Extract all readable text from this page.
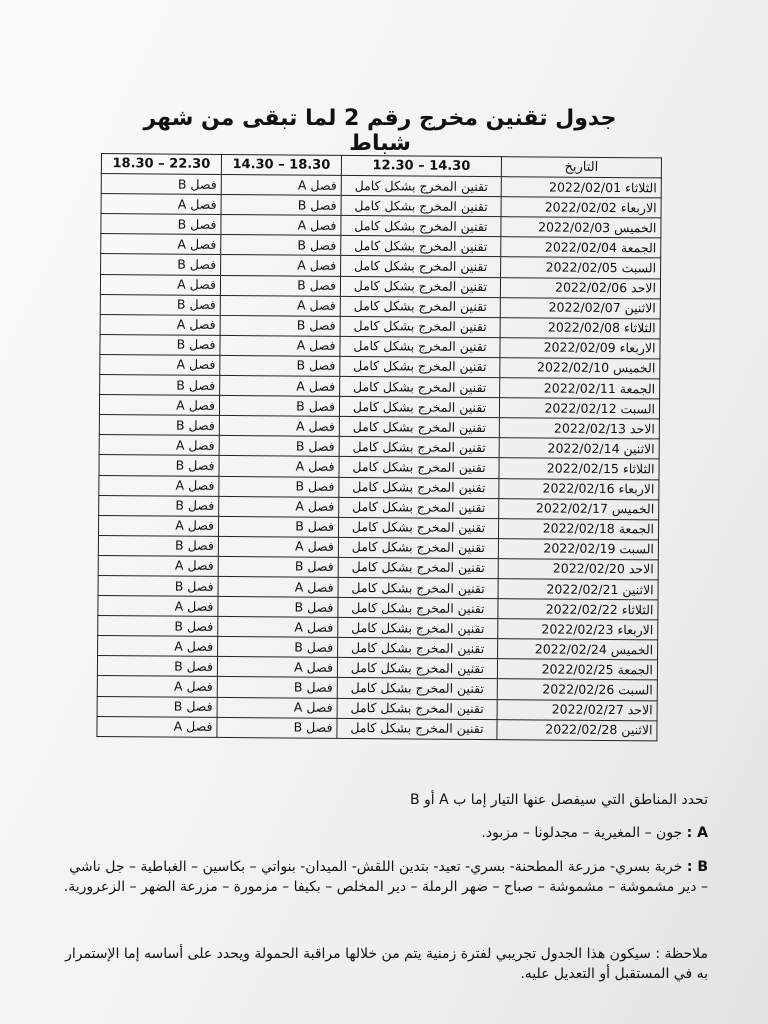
جدول تقنين مخرج رقم 2 لما تبقى من شهر شباط
التاريخ	12.30 – 14.30	14.30 – 18.30	18.30 – 22.30
الثلاثاء 2022/02/01	تقنين المخرج بشكل كامل	فصل A	فصل B
الاربعاء 2022/02/02	تقنين المخرج بشكل كامل	فصل B	فصل A
الخميس 2022/02/03	تقنين المخرج بشكل كامل	فصل A	فصل B
الجمعة 2022/02/04	تقنين المخرج بشكل كامل	فصل B	فصل A
السبت 2022/02/05	تقنين المخرج بشكل كامل	فصل A	فصل B
الاحد 2022/02/06	تقنين المخرج بشكل كامل	فصل B	فصل A
الاثنين 2022/02/07	تقنين المخرج بشكل كامل	فصل A	فصل B
الثلاثاء 2022/02/08	تقنين المخرج بشكل كامل	فصل B	فصل A
الاربعاء 2022/02/09	تقنين المخرج بشكل كامل	فصل A	فصل B
الخميس 2022/02/10	تقنين المخرج بشكل كامل	فصل B	فصل A
الجمعة 2022/02/11	تقنين المخرج بشكل كامل	فصل A	فصل B
السبت 2022/02/12	تقنين المخرج بشكل كامل	فصل B	فصل A
الاحد 2022/02/13	تقنين المخرج بشكل كامل	فصل A	فصل B
الاثنين 2022/02/14	تقنين المخرج بشكل كامل	فصل B	فصل A
الثلاثاء 2022/02/15	تقنين المخرج بشكل كامل	فصل A	فصل B
الاربعاء 2022/02/16	تقنين المخرج بشكل كامل	فصل B	فصل A
الخميس 2022/02/17	تقنين المخرج بشكل كامل	فصل A	فصل B
الجمعة 2022/02/18	تقنين المخرج بشكل كامل	فصل B	فصل A
السبت 2022/02/19	تقنين المخرج بشكل كامل	فصل A	فصل B
الاحد 2022/02/20	تقنين المخرج بشكل كامل	فصل B	فصل A
الاثنين 2022/02/21	تقنين المخرج بشكل كامل	فصل A	فصل B
الثلاثاء 2022/02/22	تقنين المخرج بشكل كامل	فصل B	فصل A
الاربعاء 2022/02/23	تقنين المخرج بشكل كامل	فصل A	فصل B
الخميس 2022/02/24	تقنين المخرج بشكل كامل	فصل B	فصل A
الجمعة 2022/02/25	تقنين المخرج بشكل كامل	فصل A	فصل B
السبت 2022/02/26	تقنين المخرج بشكل كامل	فصل B	فصل A
الاحد 2022/02/27	تقنين المخرج بشكل كامل	فصل A	فصل B
الاثنين 2022/02/28	تقنين المخرج بشكل كامل	فصل B	فصل A
تحدد المناطق التي سيفصل عنها التيار إما ب A أو B
A : جون – المغيرية – مجدلونا – مزبود.
B : خربة بسري- مزرعة المطحنة- بسري- تعيد- بتدين اللقش- الميدان- بنواتي – بكاسين – الغباطية – جل ناشي – دير مشموشة – مشموشة – صباح – ضهر الرملة – دير المخلص – بكيفا – مزمورة – مزرعة الضهر – الزعرورية.
ملاحظة : سيكون هذا الجدول تجريبي لفترة زمنية يتم من خلالها مراقبة الحمولة ويحدد على أساسه إما الإستمرار به في المستقبل أو التعديل عليه.
